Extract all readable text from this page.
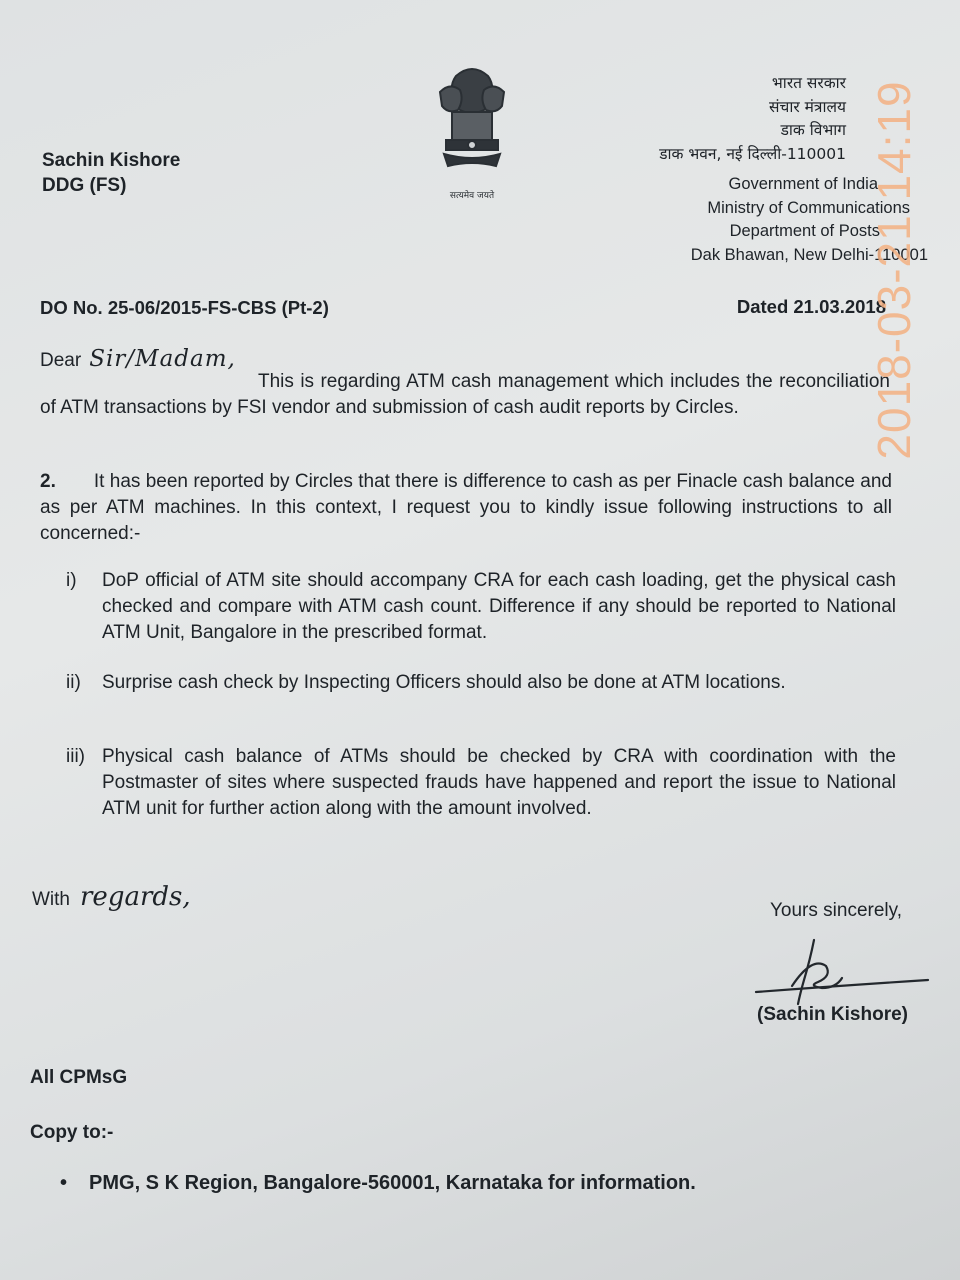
Sachin Kishore
DDG (FS)	सत्यमेव जयते
भारत सरकार
संचार मंत्रालय
डाक विभाग
डाक भवन, नई दिल्ली-110001
Government of India
Ministry of Communications
Department of Posts
Dak Bhawan, New Delhi-110001
DO No. 25-06/2015-FS-CBS (Pt-2)	Dated 21.03.2018
Dear Sir/Madam,
This is regarding ATM cash management which includes the reconciliation of ATM transactions by FSI vendor and submission of cash audit reports by Circles.
2. It has been reported by Circles that there is difference to cash as per Finacle cash balance and as per ATM machines. In this context, I request you to kindly issue following instructions to all concerned:-
i)	DoP official of ATM site should accompany CRA for each cash loading, get the physical cash checked and compare with ATM cash count. Difference if any should be reported to National ATM Unit, Bangalore in the prescribed format.
ii)	Surprise cash check by Inspecting Officers should also be done at ATM locations.
iii) Physical cash balance of ATMs should be checked by CRA with coordination with the Postmaster of sites where suspected frauds have happened and report the issue to National ATM unit for further action along with the amount involved.
With regards,	Yours sincerely,
(Sachin Kishore)
All CPMsG
Copy to:-
• PMG, S K Region, Bangalore-560001, Karnataka for information.
2018-03-21 14:19
